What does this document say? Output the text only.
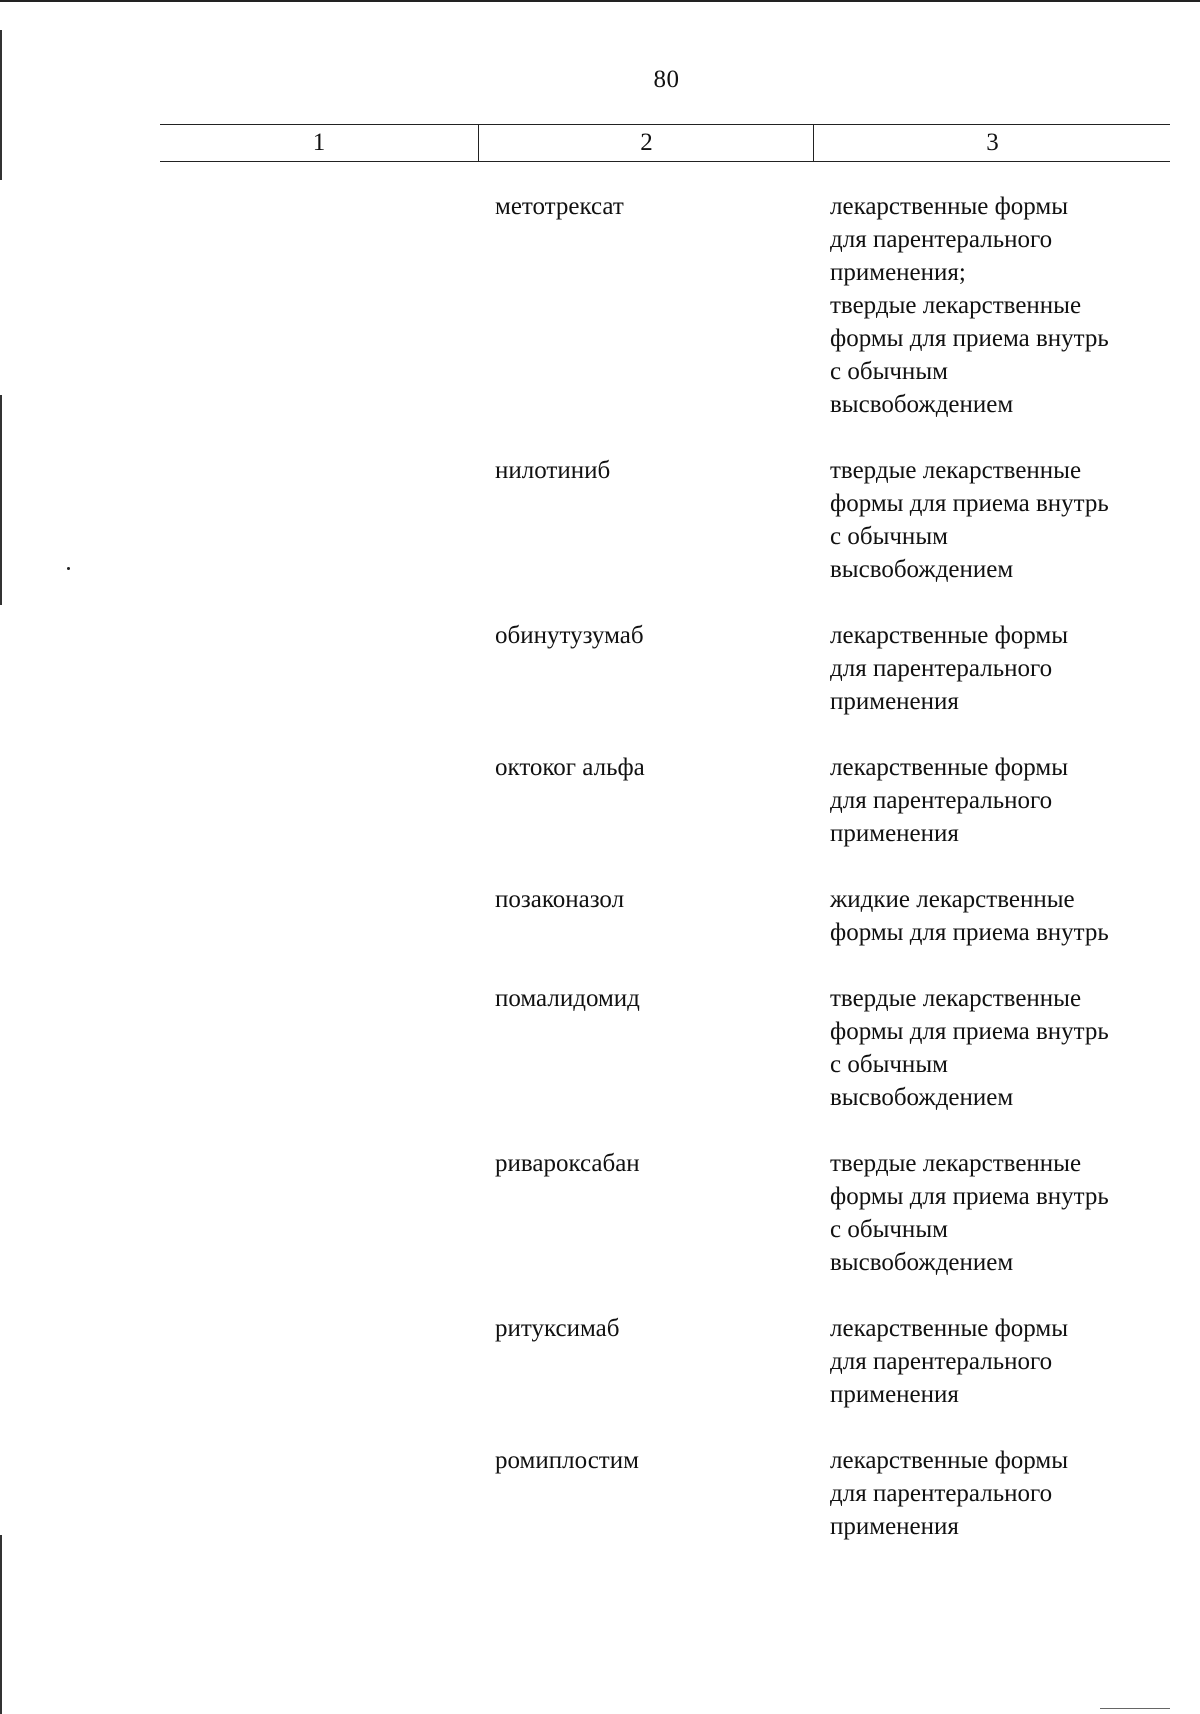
80
1	2	3
метотрексат	лекарственные формы
для парентерального
применения;
твердые лекарственные
формы для приема внутрь
с обычным
высвобождением
нилотиниб	твердые лекарственные
формы для приема внутрь
с обычным
высвобождением
обинутузумаб	лекарственные формы
для парентерального
применения
октоког альфа	лекарственные формы
для парентерального
применения
позаконазол	жидкие лекарственные
формы для приема внутрь
помалидомид	твердые лекарственные
формы для приема внутрь
с обычным
высвобождением
ривароксабан	твердые лекарственные
формы для приема внутрь
с обычным
высвобождением
ритуксимаб	лекарственные формы
для парентерального
применения
ромиплостим	лекарственные формы
для парентерального
применения
